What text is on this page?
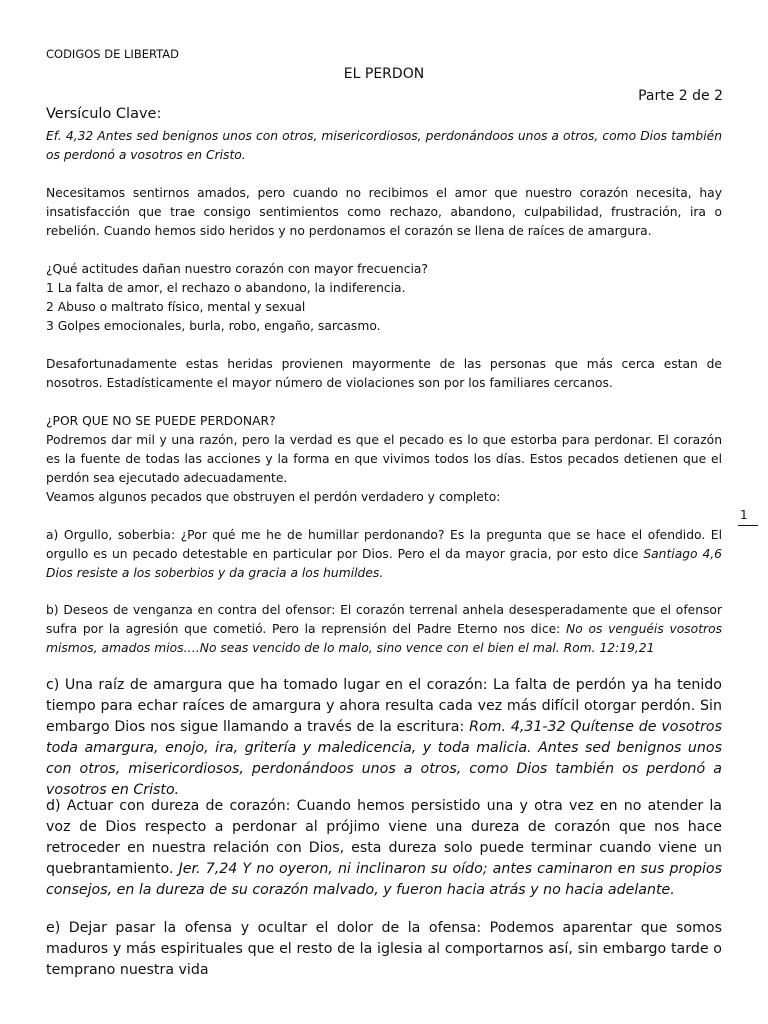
CODIGOS DE LIBERTAD
EL PERDON
Parte 2 de 2
Versículo Clave:

Ef. 4,32 Antes sed benignos unos con otros, misericordiosos, perdonándoos unos a otros, como Dios también os perdonó a vosotros en Cristo.

Necesitamos sentirnos amados, pero cuando no recibimos el amor que nuestro corazón necesita, hay insatisfacción que trae consigo sentimientos como rechazo, abandono, culpabilidad, frustración, ira o rebelión. Cuando hemos sido heridos y no perdonamos el corazón se llena de raíces de amargura.

¿Qué actitudes dañan nuestro corazón con mayor frecuencia?

1 La falta de amor, el rechazo o abandono, la indiferencia.

2 Abuso o maltrato físico, mental y sexual

3 Golpes emocionales, burla, robo, engaño, sarcasmo.

Desafortunadamente estas heridas provienen mayormente de las personas que más cerca estan de nosotros. Estadísticamente el mayor número de violaciones son por los familiares cercanos.

¿POR QUE NO SE PUEDE PERDONAR?

Podremos dar mil y una razón, pero la verdad es que el pecado es lo que estorba para perdonar. El corazón es la fuente de todas las acciones y la forma en que vivimos todos los días. Estos pecados detienen que el perdón sea ejecutado adecuadamente.

Veamos algunos pecados que obstruyen el perdón verdadero y completo:

a) Orgullo, soberbia: ¿Por qué me he de humillar perdonando? Es la pregunta que se hace el ofendido. El orgullo es un pecado detestable en particular por Dios. Pero el da mayor gracia, por esto dice Santiago 4,6 Dios resiste a los soberbios y da gracia a los humildes.

b) Deseos de venganza en contra del ofensor: El corazón terrenal anhela desesperadamente que el ofensor sufra por la agresión que cometió. Pero la reprensión del Padre Eterno nos dice: No os venguéis vosotros mismos, amados mios….No seas vencido de lo malo, sino vence con el bien el mal. Rom. 12:19,21

c) Una raíz de amargura que ha tomado lugar en el corazón: La falta de perdón ya ha tenido tiempo para echar raíces de amargura y ahora resulta cada vez más difícil otorgar perdón. Sin embargo Dios nos sigue llamando a través de la escritura: Rom. 4,31-32 Quítense de vosotros toda amargura, enojo, ira, gritería y maledicencia, y toda malicia. Antes sed benignos unos con otros, misericordiosos, perdonándoos unos a otros, como Dios también os perdonó a vosotros en Cristo.

d) Actuar con dureza de corazón: Cuando hemos persistido una y otra vez en no atender la voz de Dios respecto a perdonar al prójimo viene una dureza de corazón que nos hace retroceder en nuestra relación con Dios, esta dureza solo puede terminar cuando viene un quebrantamiento. Jer. 7,24 Y no oyeron, ni inclinaron su oído; antes caminaron en sus propios consejos, en la dureza de su corazón malvado, y fueron hacia atrás y no hacia adelante.

e) Dejar pasar la ofensa y ocultar el dolor de la ofensa: Podemos aparentar que somos maduros y más espirituales que el resto de la iglesia al comportarnos así, sin embargo tarde o temprano nuestra vida

1
